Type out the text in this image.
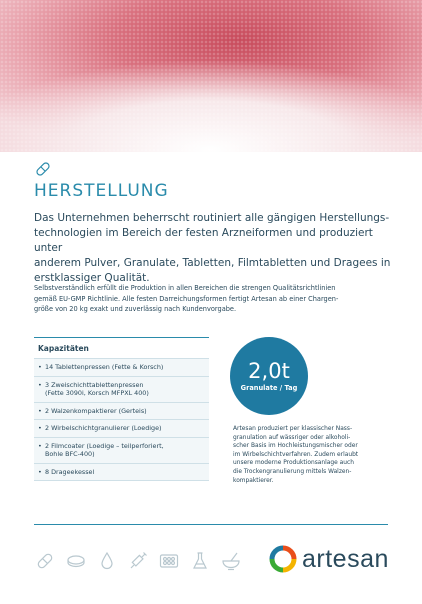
HERSTELLUNG
Das Unternehmen beherrscht routiniert alle gängigen Herstellungs-
technologien im Bereich der festen Arzneiformen und produziert unter
anderem Pulver, Granulate, Tabletten, Filmtabletten und Dragees in
erstklassiger Qualität.
Selbstverständlich erfüllt die Produktion in allen Bereichen die strengen Qualitätsrichtlinien
gemäß EU-GMP Richtlinie. Alle festen Darreichungsformen fertigt Artesan ab einer Chargen-
größe von 20 kg exakt und zuverlässig nach Kundenvorgabe.
Kapazitäten
• 14 Tablettenpressen (Fette & Korsch)
• 3 Zweischichttablettenpressen
(Fette 3090i, Korsch MFPXL 400)
• 2 Walzenkompaktierer (Gerteis)
• 2 Wirbelschichtgranulierer (Loedige)
• 2 Filmcoater (Loedige – teilperforiert,
Bohle BFC-400)
• 8 Drageekessel
2,0t
Granulate / Tag
Artesan produziert per klassischer Nass-
granulation auf wässriger oder alkoholi-
scher Basis im Hochleistungsmischer oder
im Wirbelschichtverfahren. Zudem erlaubt
unsere moderne Produktionsanlage auch
die Trockengranulierung mittels Walzen-
kompaktierer.
artesan
